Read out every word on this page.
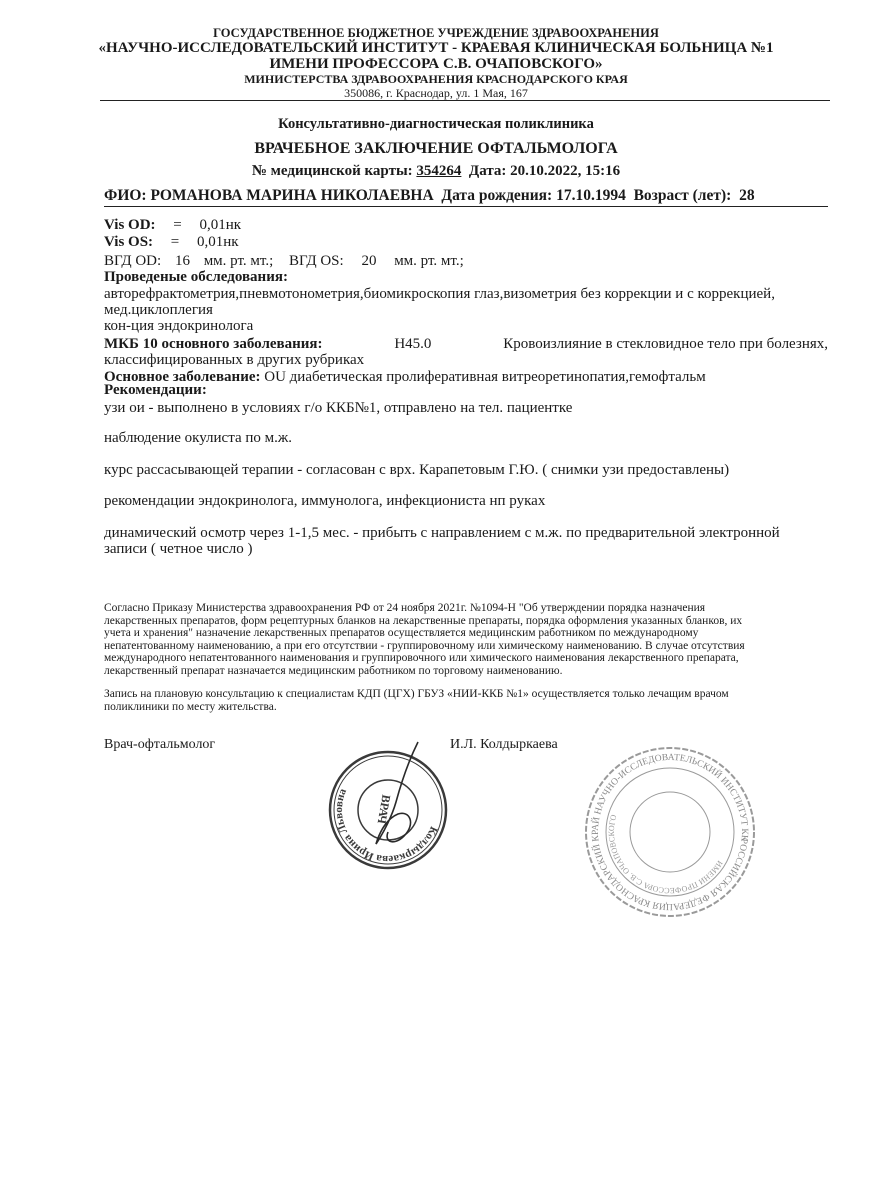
ГОСУДАРСТВЕННОЕ БЮДЖЕТНОЕ УЧРЕЖДЕНИЕ ЗДРАВООХРАНЕНИЯ
«НАУЧНО-ИССЛЕДОВАТЕЛЬСКИЙ ИНСТИТУТ - КРАЕВАЯ КЛИНИЧЕСКАЯ БОЛЬНИЦА №1
ИМЕНИ ПРОФЕССОРА С.В. ОЧАПОВСКОГО»
МИНИСТЕРСТВА ЗДРАВООХРАНЕНИЯ КРАСНОДАРСКОГО КРАЯ
350086, г. Краснодар, ул. 1 Мая, 167
Консультативно-диагностическая поликлиника
ВРАЧЕБНОЕ ЗАКЛЮЧЕНИЕ ОФТАЛЬМОЛОГА
№ медицинской карты: 354264 Дата: 20.10.2022, 15:16
ФИО: РОМАНОВА МАРИНА НИКОЛАЕВНА Дата рождения: 17.10.1994 Возраст (лет): 28
Vis OD: = 0,01нк
Vis OS: = 0,01нк
ВГД OD: 16 мм. рт. мт.; ВГД OS: 20 мм. рт. мт.;
Проведеные обследования:
авторефрактометрия,пневмотонометрия,биомикроскопия глаз,визометрия без коррекции и с коррекцией,
мед.циклоплегия
кон-ция эндокринолога
МКБ 10 основного заболевания:	H45.0	Кровоизлияние в стекловидное тело при болезнях,
классифицированных в других рубриках
Основное заболевание: OU диабетическая пролиферативная витреоретинопатия,гемофтальм
Рекомендации:
узи ои - выполнено в условиях г/о ККБ№1, отправлено на тел. пациентке
наблюдение окулиста по м.ж.
курс рассасывающей терапии - согласован с врх. Карапетовым Г.Ю. ( снимки узи предоставлены)
рекомендации эндокринолога, иммунолога, инфекциониста нп руках
динамический осмотр через 1-1,5 мес. - прибыть с направлением с м.ж. по предварительной электронной
записи ( четное число )
Согласно Приказу Министерства здравоохранения РФ от 24 ноября 2021г. №1094-Н "Об утверждении порядка назначения
лекарственных препаратов, форм рецептурных бланков на лекарственные препараты, порядка оформления указанных бланков, их
учета и хранения" назначение лекарственных препаратов осуществляется медицинским работником по международному
непатентованному наименованию, а при его отсутствии - группировочному или химическому наименованию. В случае отсутствия
международного непатентованного наименования и группировочного или химического наименования лекарственного препарата,
лекарственный препарат назначается медицинским работником по торговому наименованию.
Запись на плановую консультацию к специалистам КДП (ЦГХ) ГБУЗ «НИИ-ККБ №1» осуществляется только лечащим врачом
поликлиники по месту жительства.
Врач-офтальмолог	И.Л. Колдыркаева
Колдыркаева Ирина Львовна
ВРАЧ
РОССИЙСКАЯ ФЕДЕРАЦИЯ КРАСНОДАРСКИЙ КРАЙ НАУЧНО-ИССЛЕДОВАТЕЛЬСКИЙ ИНСТИТУТ ККБ
ИМЕНИ ПРОФЕССОРА С.В. ОЧАПОВСКОГО
